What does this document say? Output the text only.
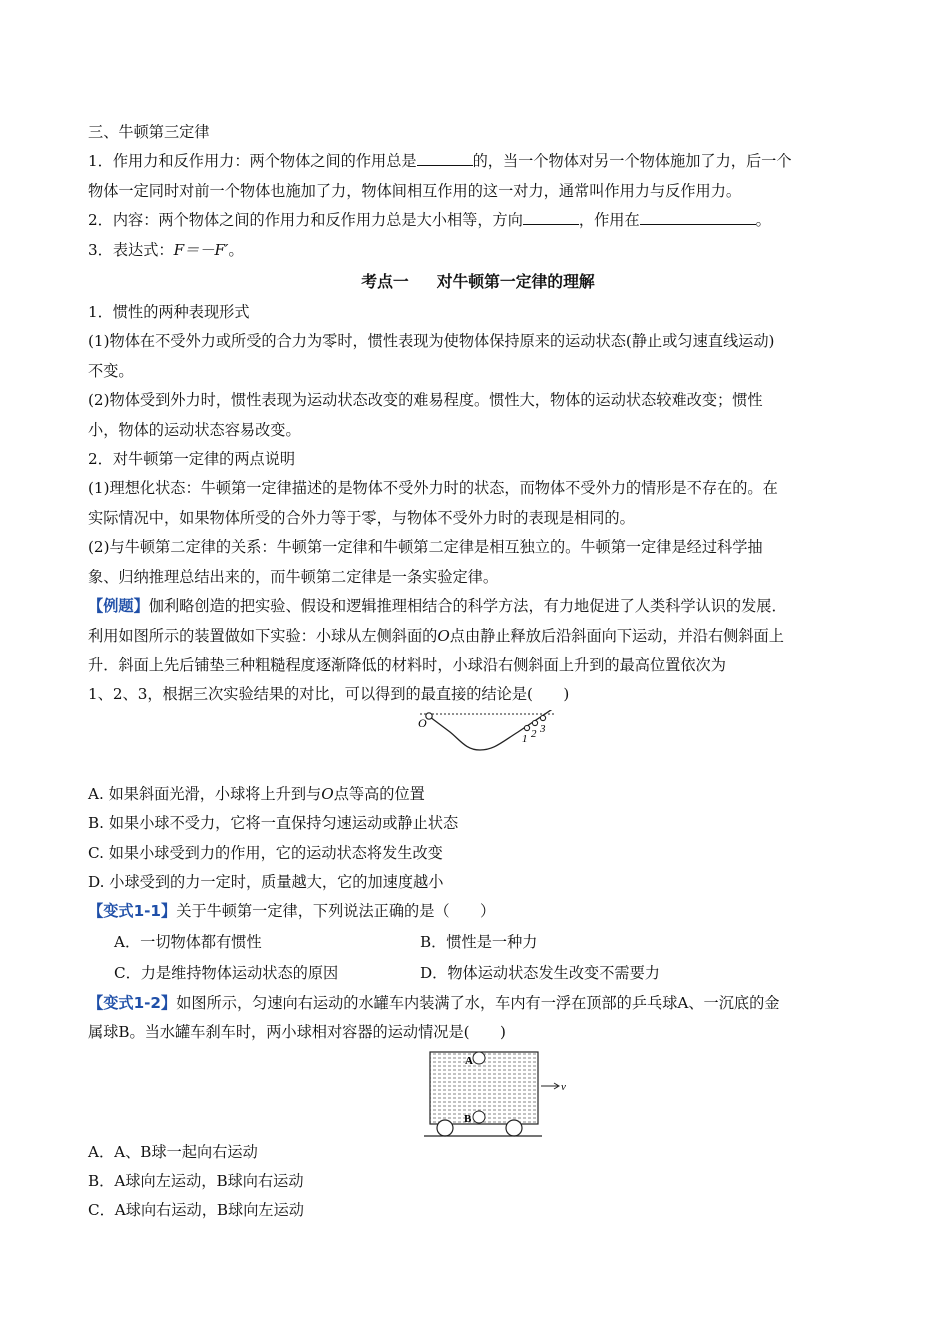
三、牛顿第三定律
1．作用力和反作用力：两个物体之间的作用总是	的，当一个物体对另一个物体施加了力，后一个
物体一定同时对前一个物体也施加了力，物体间相互作用的这一对力，通常叫作用力与反作用力。
2．内容：两个物体之间的作用力和反作用力总是大小相等，方向	，作用在	。
3．表达式：F＝－F′。
考点一 对牛顿第一定律的理解
1．惯性的两种表现形式
(1)物体在不受外力或所受的合力为零时，惯性表现为使物体保持原来的运动状态(静止或匀速直线运动)
不变。
(2)物体受到外力时，惯性表现为运动状态改变的难易程度。惯性大，物体的运动状态较难改变；惯性
小，物体的运动状态容易改变。
2．对牛顿第一定律的两点说明
(1)理想化状态：牛顿第一定律描述的是物体不受外力时的状态，而物体不受外力的情形是不存在的。在
实际情况中，如果物体所受的合外力等于零，与物体不受外力时的表现是相同的。
(2)与牛顿第二定律的关系：牛顿第一定律和牛顿第二定律是相互独立的。牛顿第一定律是经过科学抽
象、归纳推理总结出来的，而牛顿第二定律是一条实验定律。
【例题】伽利略创造的把实验、假设和逻辑推理相结合的科学方法，有力地促进了人类科学认识的发展．
利用如图所示的装置做如下实验：小球从左侧斜面的O点由静止释放后沿斜面向下运动，并沿右侧斜面上
升．斜面上先后铺垫三种粗糙程度逐渐降低的材料时，小球沿右侧斜面上升到的最高位置依次为
1、2、3，根据三次实验结果的对比，可以得到的最直接的结论是(　　)
O
1 2 3
A. 如果斜面光滑，小球将上升到与O点等高的位置
B. 如果小球不受力，它将一直保持匀速运动或静止状态
C. 如果小球受到力的作用，它的运动状态将发生改变
D. 小球受到的力一定时，质量越大，它的加速度越小
【变式1-1】关于牛顿第一定律，下列说法正确的是（　　）
A．一切物体都有惯性	B．惯性是一种力
C．力是维持物体运动状态的原因	D．物体运动状态发生改变不需要力
【变式1-2】如图所示，匀速向右运动的水罐车内装满了水，车内有一浮在顶部的乒乓球A、一沉底的金
属球B。当水罐车刹车时，两小球相对容器的运动情况是(　　)
A
B
v
A．A、B球一起向右运动
B．A球向左运动，B球向右运动
C．A球向右运动，B球向左运动
